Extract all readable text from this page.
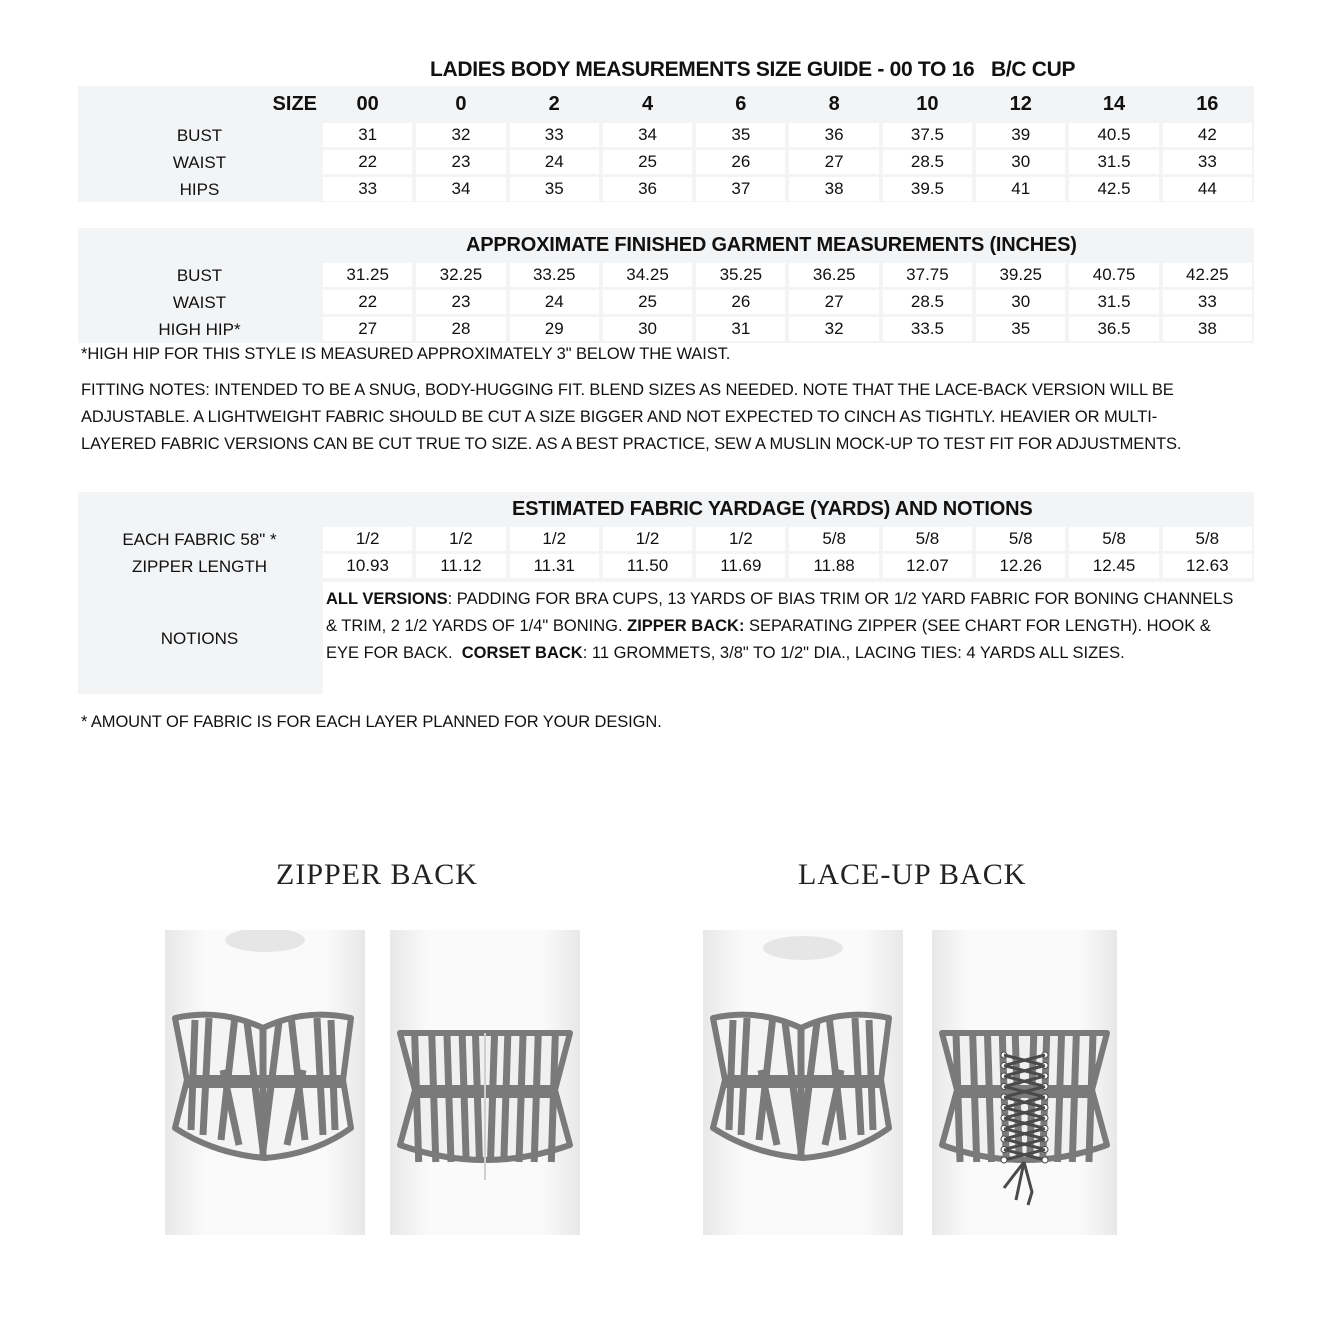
LADIES BODY MEASUREMENTS SIZE GUIDE - 00 TO 16   B/C CUP
SIZE	00	0	2	4	6	8	10	12	14	16
BUST	31	32	33	34	35	36	37.5	39	40.5	42
WAIST	22	23	24	25	26	27	28.5	30	31.5	33
HIPS	33	34	35	36	37	38	39.5	41	42.5	44
APPROXIMATE FINISHED GARMENT MEASUREMENTS (INCHES)
BUST	31.25	32.25	33.25	34.25	35.25	36.25	37.75	39.25	40.75	42.25
WAIST	22	23	24	25	26	27	28.5	30	31.5	33
HIGH HIP*	27	28	29	30	31	32	33.5	35	36.5	38
*HIGH HIP FOR THIS STYLE IS MEASURED APPROXIMATELY 3" BELOW THE WAIST.
FITTING NOTES: INTENDED TO BE A SNUG, BODY-HUGGING FIT. BLEND SIZES AS NEEDED. NOTE THAT THE LACE-BACK VERSION WILL BE
ADJUSTABLE. A LIGHTWEIGHT FABRIC SHOULD BE CUT A SIZE BIGGER AND NOT EXPECTED TO CINCH AS TIGHTLY. HEAVIER OR MULTI-
LAYERED FABRIC VERSIONS CAN BE CUT TRUE TO SIZE. AS A BEST PRACTICE, SEW A MUSLIN MOCK-UP TO TEST FIT FOR ADJUSTMENTS.
ESTIMATED FABRIC YARDAGE (YARDS) AND NOTIONS
EACH FABRIC 58" *	1/2	1/2	1/2	1/2	1/2	5/8	5/8	5/8	5/8	5/8
ZIPPER LENGTH	10.93	11.12	11.31	11.50	11.69	11.88	12.07	12.26	12.45	12.63
NOTIONS
ALL VERSIONS: PADDING FOR BRA CUPS, 13 YARDS OF BIAS TRIM OR 1/2 YARD FABRIC FOR BONING CHANNELS & TRIM, 2 1/2 YARDS OF 1/4" BONING. ZIPPER BACK: SEPARATING ZIPPER (SEE CHART FOR LENGTH). HOOK & EYE FOR BACK.  CORSET BACK: 11 GROMMETS, 3/8" TO 1/2" DIA., LACING TIES: 4 YARDS ALL SIZES.
* AMOUNT OF FABRIC IS FOR EACH LAYER PLANNED FOR YOUR DESIGN.
ZIPPER BACK	LACE-UP BACK
